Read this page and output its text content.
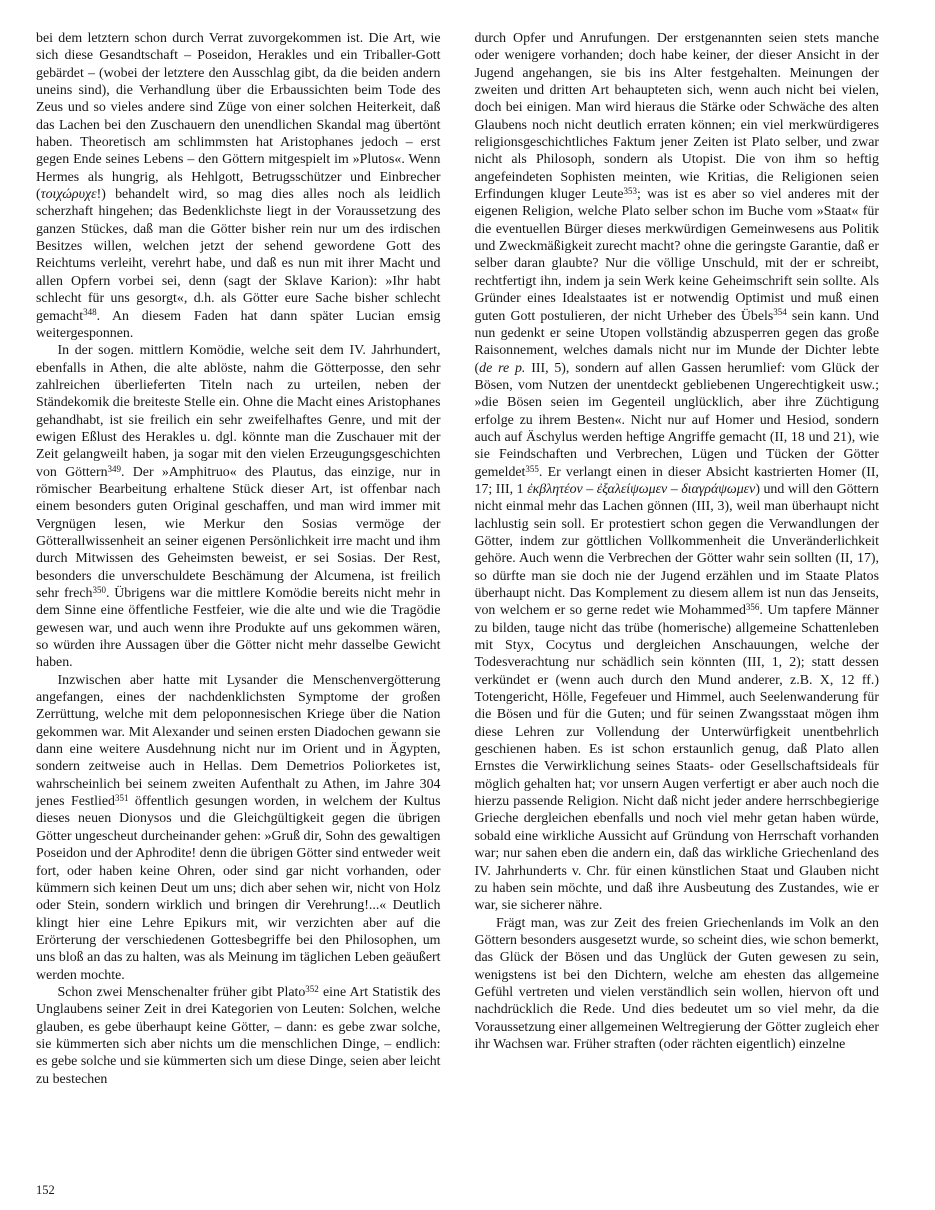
bei dem letztern schon durch Verrat zuvorgekommen ist. Die Art, wie sich diese Gesandtschaft – Poseidon, Herakles und ein Triballer-Gott gebärdet – (wobei der letztere den Ausschlag gibt, da die beiden andern uneins sind), die Verhandlung über die Erbaussichten beim Tode des Zeus und so vieles andere sind Züge von einer solchen Heiterkeit, daß das Lachen bei den Zuschauern den unendlichen Skandal mag übertönt haben. Theoretisch am schlimmsten hat Aristophanes jedoch – erst gegen Ende seines Lebens – den Göttern mitgespielt im »Plutos«. Wenn Hermes als hungrig, als Hehlgott, Betrugsschützer und Einbrecher (τοιχώρυχε!) behandelt wird, so mag dies alles noch als leidlich scherzhaft hingehen; das Bedenklichste liegt in der Voraussetzung des ganzen Stückes, daß man die Götter bisher rein nur um des irdischen Besitzes willen, welchen jetzt der sehend gewordene Gott des Reichtums verleiht, verehrt habe, und daß es nun mit ihrer Macht und allen Opfern vorbei sei, denn (sagt der Sklave Karion): »Ihr habt schlecht für uns gesorgt«, d.h. als Götter eure Sache bisher schlecht gemacht$^{348}$. An diesem Faden hat dann später Lucian emsig weitergesponnen.

In der sogen. mittlern Komödie, welche seit dem IV. Jahrhundert, ebenfalls in Athen, die alte ablöste, nahm die Götterposse, den sehr zahlreichen überlieferten Titeln nach zu urteilen, neben der Ständekomik die breiteste Stelle ein. Ohne die Macht eines Aristophanes gehandhabt, ist sie freilich ein sehr zweifelhaftes Genre, und mit der ewigen Eßlust des Herakles u. dgl. könnte man die Zuschauer mit der Zeit gelangweilt haben, ja sogar mit den vielen Erzeugungsgeschichten von Göttern$^{349}$. Der »Amphitruo« des Plautus, das einzige, nur in römischer Bearbeitung erhaltene Stück dieser Art, ist offenbar nach einem besonders guten Original geschaffen, und man wird immer mit Vergnügen lesen, wie Merkur den Sosias vermöge der Götterallwissenheit an seiner eigenen Persönlichkeit irre macht und ihm durch Mitwissen des Geheimsten beweist, er sei Sosias. Der Rest, besonders die unverschuldete Beschämung der Alcumena, ist freilich sehr frech$^{350}$. Übrigens war die mittlere Komödie bereits nicht mehr in dem Sinne eine öffentliche Festfeier, wie die alte und wie die Tragödie gewesen war, und auch wenn ihre Produkte auf uns gekommen wären, so würden ihre Aussagen über die Götter nicht mehr dasselbe Gewicht haben.

Inzwischen aber hatte mit Lysander die Menschenvergötterung angefangen, eines der nachdenklichsten Symptome der großen Zerrüttung, welche mit dem peloponnesischen Kriege über die Nation gekommen war. Mit Alexander und seinen ersten Diadochen gewann sie dann eine weitere Ausdehnung nicht nur im Orient und in Ägypten, sondern zeitweise auch in Hellas. Dem Demetrios Poliorketes ist, wahrscheinlich bei seinem zweiten Aufenthalt zu Athen, im Jahre 304 jenes Festlied$^{351}$ öffentlich gesungen worden, in welchem der Kultus dieses neuen Dionysos und die Gleichgültigkeit gegen die übrigen Götter ungescheut durcheinander gehen: »Gruß dir, Sohn des gewaltigen Poseidon und der Aphrodite! denn die übrigen Götter sind entweder weit fort, oder haben keine Ohren, oder sind gar nicht vorhanden, oder kümmern sich keinen Deut um uns; dich aber sehen wir, nicht von Holz oder Stein, sondern wirklich und bringen dir Verehrung!...« Deutlich klingt hier eine Lehre Epikurs mit, wir verzichten aber auf die Erörterung der verschiedenen Gottesbegriffe bei den Philosophen, um uns bloß an das zu halten, was als Meinung im täglichen Leben geäußert werden mochte.

Schon zwei Menschenalter früher gibt Plato$^{352}$ eine Art Statistik des Unglaubens seiner Zeit in drei Kategorien von Leuten: Solchen, welche glauben, es gebe überhaupt keine Götter, – dann: es gebe zwar solche, sie kümmerten sich aber nichts um die menschlichen Dinge, – endlich: es gebe solche und sie kümmerten sich um diese Dinge, seien aber leicht zu bestechen

durch Opfer und Anrufungen. Der erstgenannten seien stets manche oder wenigere vorhanden; doch habe keiner, der dieser Ansicht in der Jugend angehangen, sie bis ins Alter festgehalten. Meinungen der zweiten und dritten Art behaupteten sich, wenn auch nicht bei vielen, doch bei einigen. Man wird hieraus die Stärke oder Schwäche des alten Glaubens noch nicht deutlich erraten können; ein viel merkwürdigeres religionsgeschichtliches Faktum jener Zeiten ist Plato selber, und zwar nicht als Philosoph, sondern als Utopist. Die von ihm so heftig angefeindeten Sophisten meinten, wie Kritias, die Religionen seien Erfindungen kluger Leute$^{353}$; was ist es aber so viel anderes mit der eigenen Religion, welche Plato selber schon im Buche vom »Staat« für die eventuellen Bürger dieses merkwürdigen Gemeinwesens aus Politik und Zweckmäßigkeit zurecht macht? ohne die geringste Garantie, daß er selber daran glaubte? Nur die völlige Unschuld, mit der er schreibt, rechtfertigt ihn, indem ja sein Werk keine Geheimschrift sein sollte. Als Gründer eines Idealstaates ist er notwendig Optimist und muß einen guten Gott postulieren, der nicht Urheber des Übels$^{354}$ sein kann. Und nun gedenkt er seine Utopen vollständig abzusperren gegen das große Raisonnement, welches damals nicht nur im Munde der Dichter lebte (de re p. III, 5), sondern auf allen Gassen herumlief: vom Glück der Bösen, vom Nutzen der unentdeckt gebliebenen Ungerechtigkeit usw.; »die Bösen seien im Gegenteil unglücklich, aber ihre Züchtigung erfolge zu ihrem Besten«. Nicht nur auf Homer und Hesiod, sondern auch auf Äschylus werden heftige Angriffe gemacht (II, 18 und 21), wie sie Feindschaften und Verbrechen, Lügen und Tücken der Götter gemeldet$^{355}$. Er verlangt einen in dieser Absicht kastrierten Homer (II, 17; III, 1 ἐκβλητέον – ἐξαλείψωμεν – διαγράψωμεν) und will den Göttern nicht einmal mehr das Lachen gönnen (III, 3), weil man überhaupt nicht lachlustig sein soll. Er protestiert schon gegen die Verwandlungen der Götter, indem zur göttlichen Vollkommenheit die Unveränderlichkeit gehöre. Auch wenn die Verbrechen der Götter wahr sein sollten (II, 17), so dürfte man sie doch nie der Jugend erzählen und im Staate Platos überhaupt nicht. Das Komplement zu diesem allem ist nun das Jenseits, von welchem er so gerne redet wie Mohammed$^{356}$. Um tapfere Männer zu bilden, tauge nicht das trübe (homerische) allgemeine Schattenleben mit Styx, Cocytus und dergleichen Anschauungen, welche der Todesverachtung nur schädlich sein könnten (III, 1, 2); statt dessen verkündet er (wenn auch durch den Mund anderer, z.B. X, 12 ff.) Totengericht, Hölle, Fegefeuer und Himmel, auch Seelenwanderung für die Bösen und für die Guten; und für seinen Zwangsstaat mögen ihm diese Lehren zur Vollendung der Unterwürfigkeit unentbehrlich geschienen haben. Es ist schon erstaunlich genug, daß Plato allen Ernstes die Verwirklichung seines Staats- oder Gesellschaftsideals für möglich gehalten hat; vor unsern Augen verfertigt er aber auch noch die hierzu passende Religion. Nicht daß nicht jeder andere herrschbegierige Grieche dergleichen ebenfalls und noch viel mehr getan haben würde, sobald eine wirkliche Aussicht auf Gründung von Herrschaft vorhanden war; nur sahen eben die andern ein, daß das wirkliche Griechenland des IV. Jahrhunderts v. Chr. für einen künstlichen Staat und Glauben nicht zu haben sein möchte, und daß ihre Ausbeutung des Zustandes, wie er war, sie sicherer nähre.

Frägt man, was zur Zeit des freien Griechenlands im Volk an den Göttern besonders ausgesetzt wurde, so scheint dies, wie schon bemerkt, das Glück der Bösen und das Unglück der Guten gewesen zu sein, wenigstens ist bei den Dichtern, welche am ehesten das allgemeine Gefühl vertreten und vielen verständlich sein wollen, hiervon oft und nachdrücklich die Rede. Und dies bedeutet um so viel mehr, da die Voraussetzung einer allgemeinen Weltregierung der Götter zugleich eher ihr Wachsen war. Früher straften (oder rächten eigentlich) einzelne

152
